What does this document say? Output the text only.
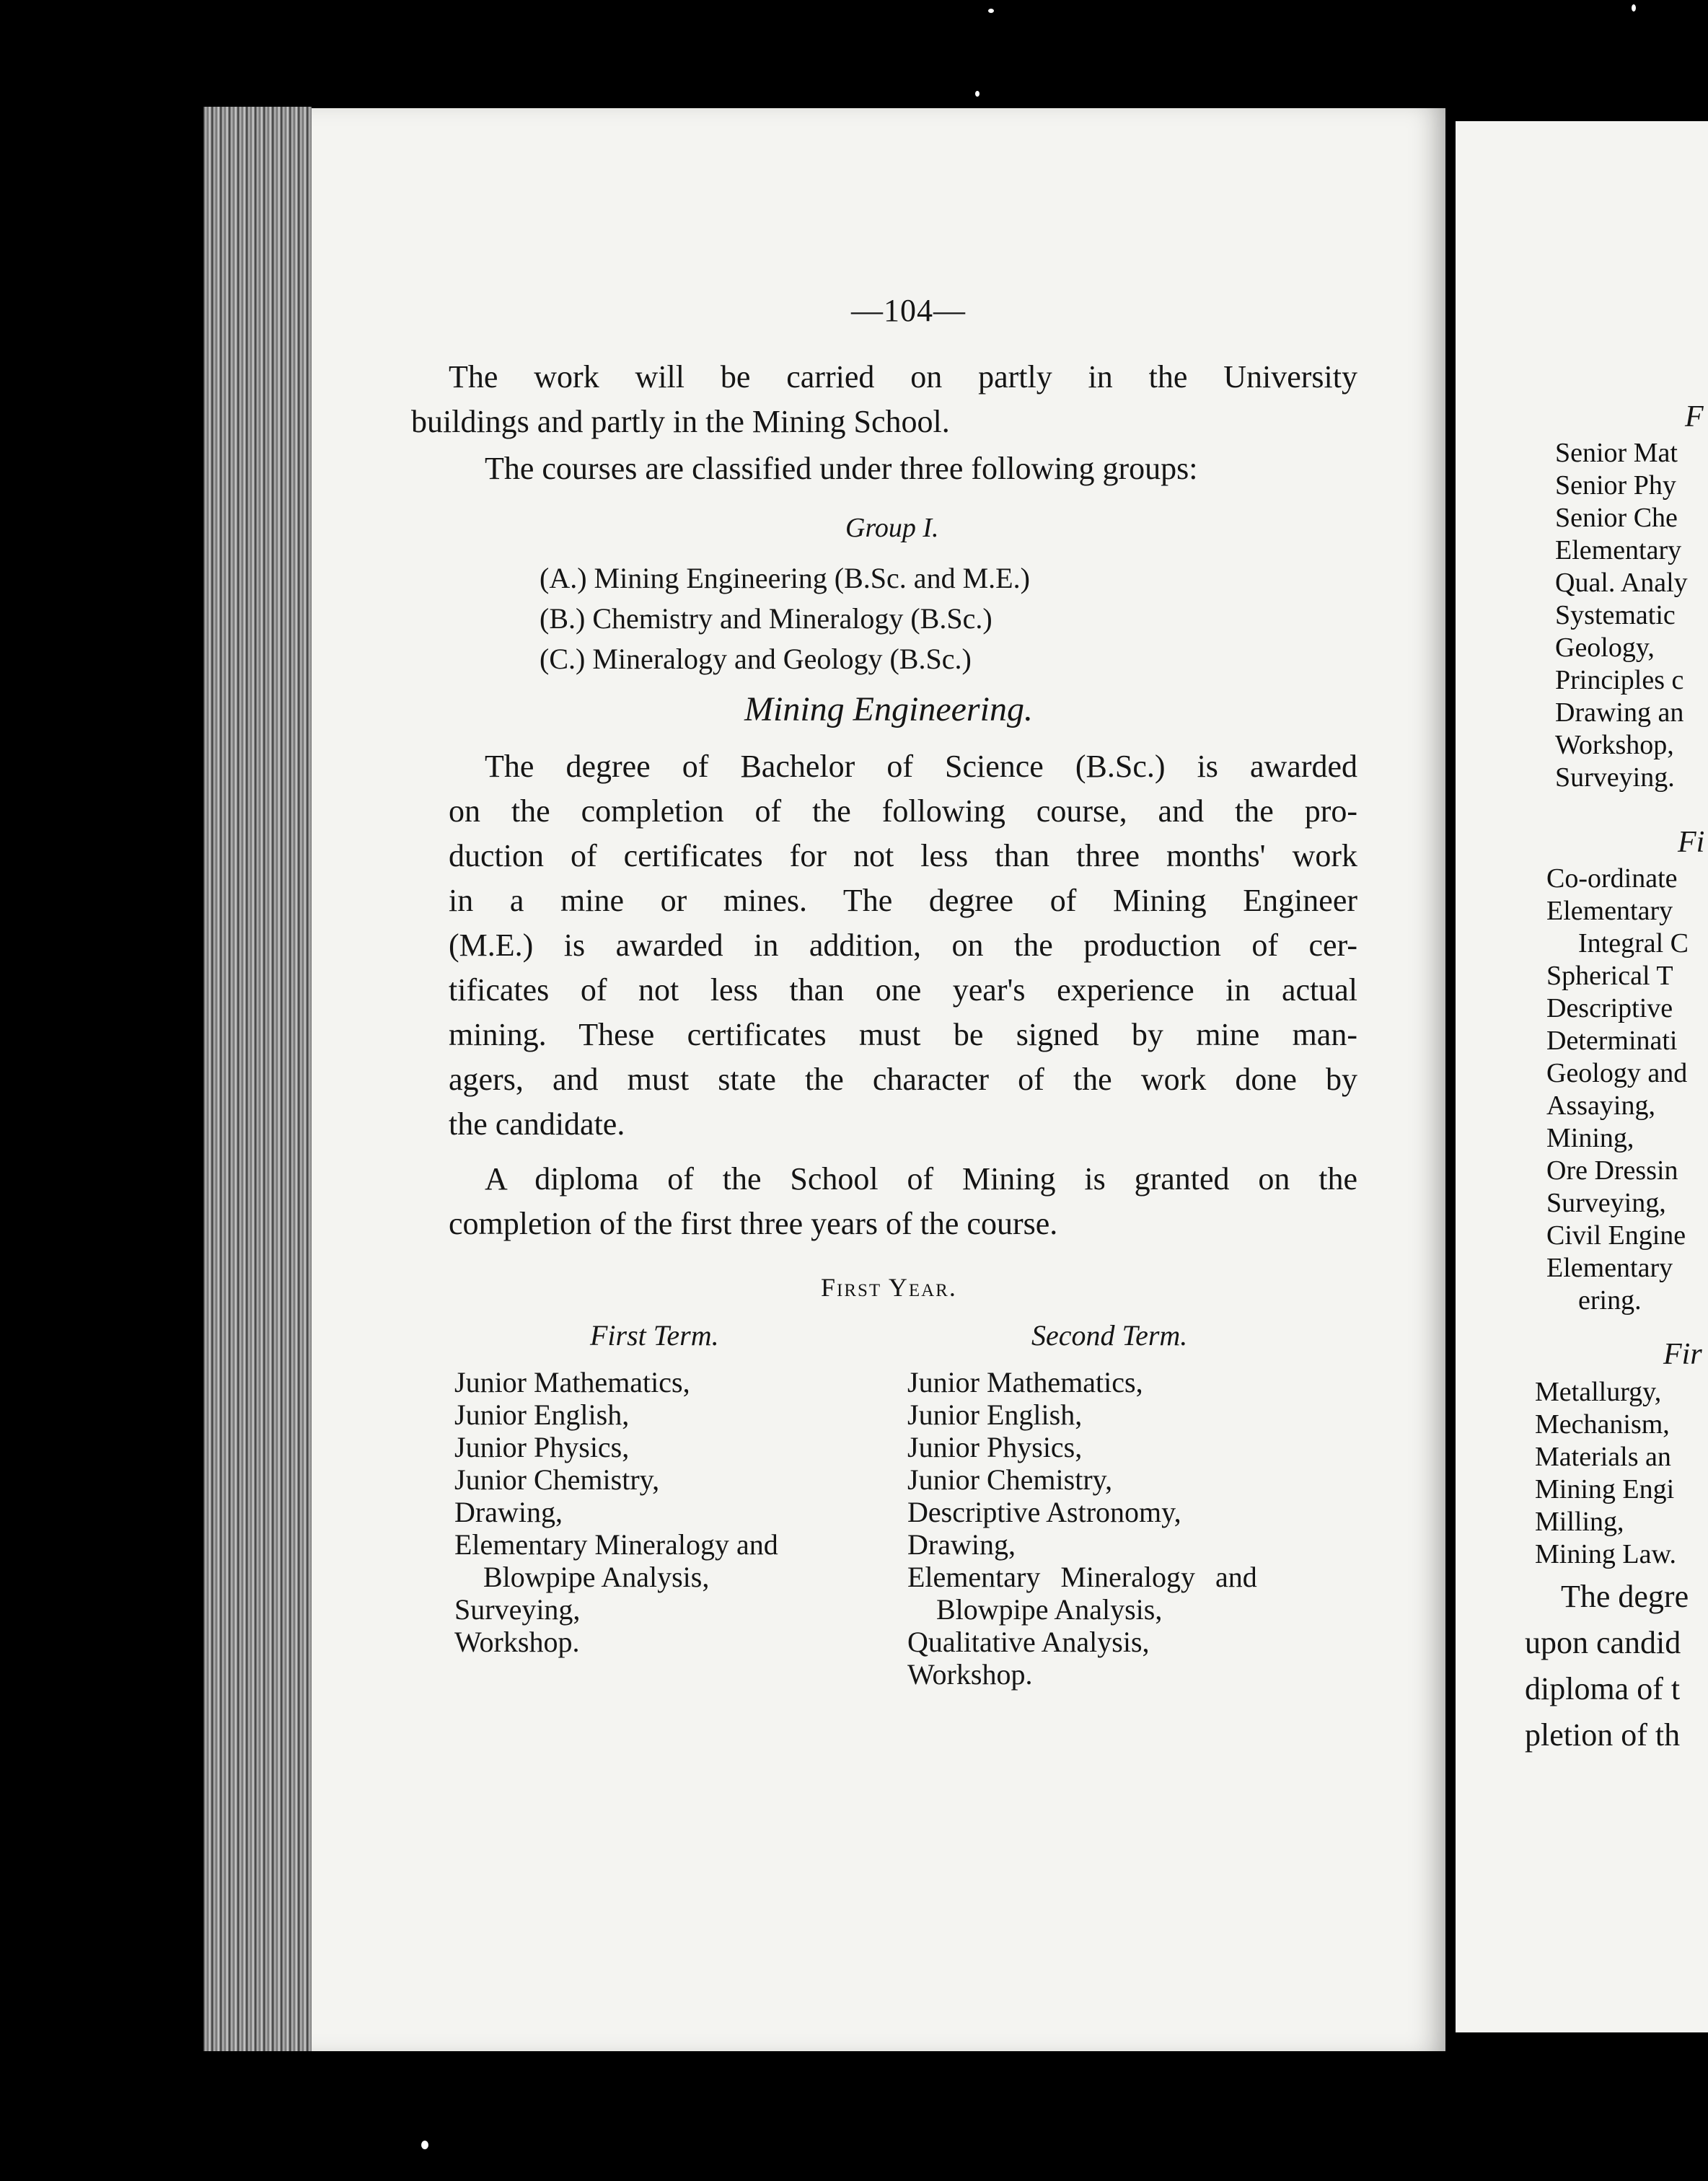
—104—

The work will be carried on partly in the University
buildings and partly in the Mining School.

The courses are classified under three following groups:

Group I.

(A.) Mining Engineering (B.Sc. and M.E.)
(B.) Chemistry and Mineralogy (B.Sc.)
(C.) Mineralogy and Geology (B.Sc.)

Mining Engineering.

The degree of Bachelor of Science (B.Sc.) is awarded
on the completion of the following course, and the pro-
duction of certificates for not less than three months' work
in a mine or mines. The degree of Mining Engineer
(M.E.) is awarded in addition, on the production of cer-
tificates of not less than one year's experience in actual
mining. These certificates must be signed by mine man-
agers, and must state the character of the work done by
the candidate.
A diploma of the School of Mining is granted on the
completion of the first three years of the course.

First Year.

First Term.	Second Term.

Junior Mathematics,
Junior English,
Junior Physics,
Junior Chemistry,
Drawing,
Elementary Mineralogy and
Blowpipe Analysis,
Surveying,
Workshop.
Junior Mathematics,
Junior English,
Junior Physics,
Junior Chemistry,
Descriptive Astronomy,
Drawing,
Elementary Mineralogy and
Blowpipe Analysis,
Qualitative Analysis,
Workshop.

F

Senior Mat
Senior Phy
Senior Che
Elementary
Qual. Analy
Systematic
Geology,
Principles c
Drawing an
Workshop,
Surveying.

Fi

Co-ordinate
Elementary
Integral C
Spherical T
Descriptive
Determinati
Geology and
Assaying,
Mining,
Ore Dressin
Surveying,
Civil Engine
Elementary
ering.

Fir

Metallurgy,
Mechanism,
Materials an
Mining Engi
Milling,
Mining Law.
The degre
upon candid
diploma of t
pletion of th
